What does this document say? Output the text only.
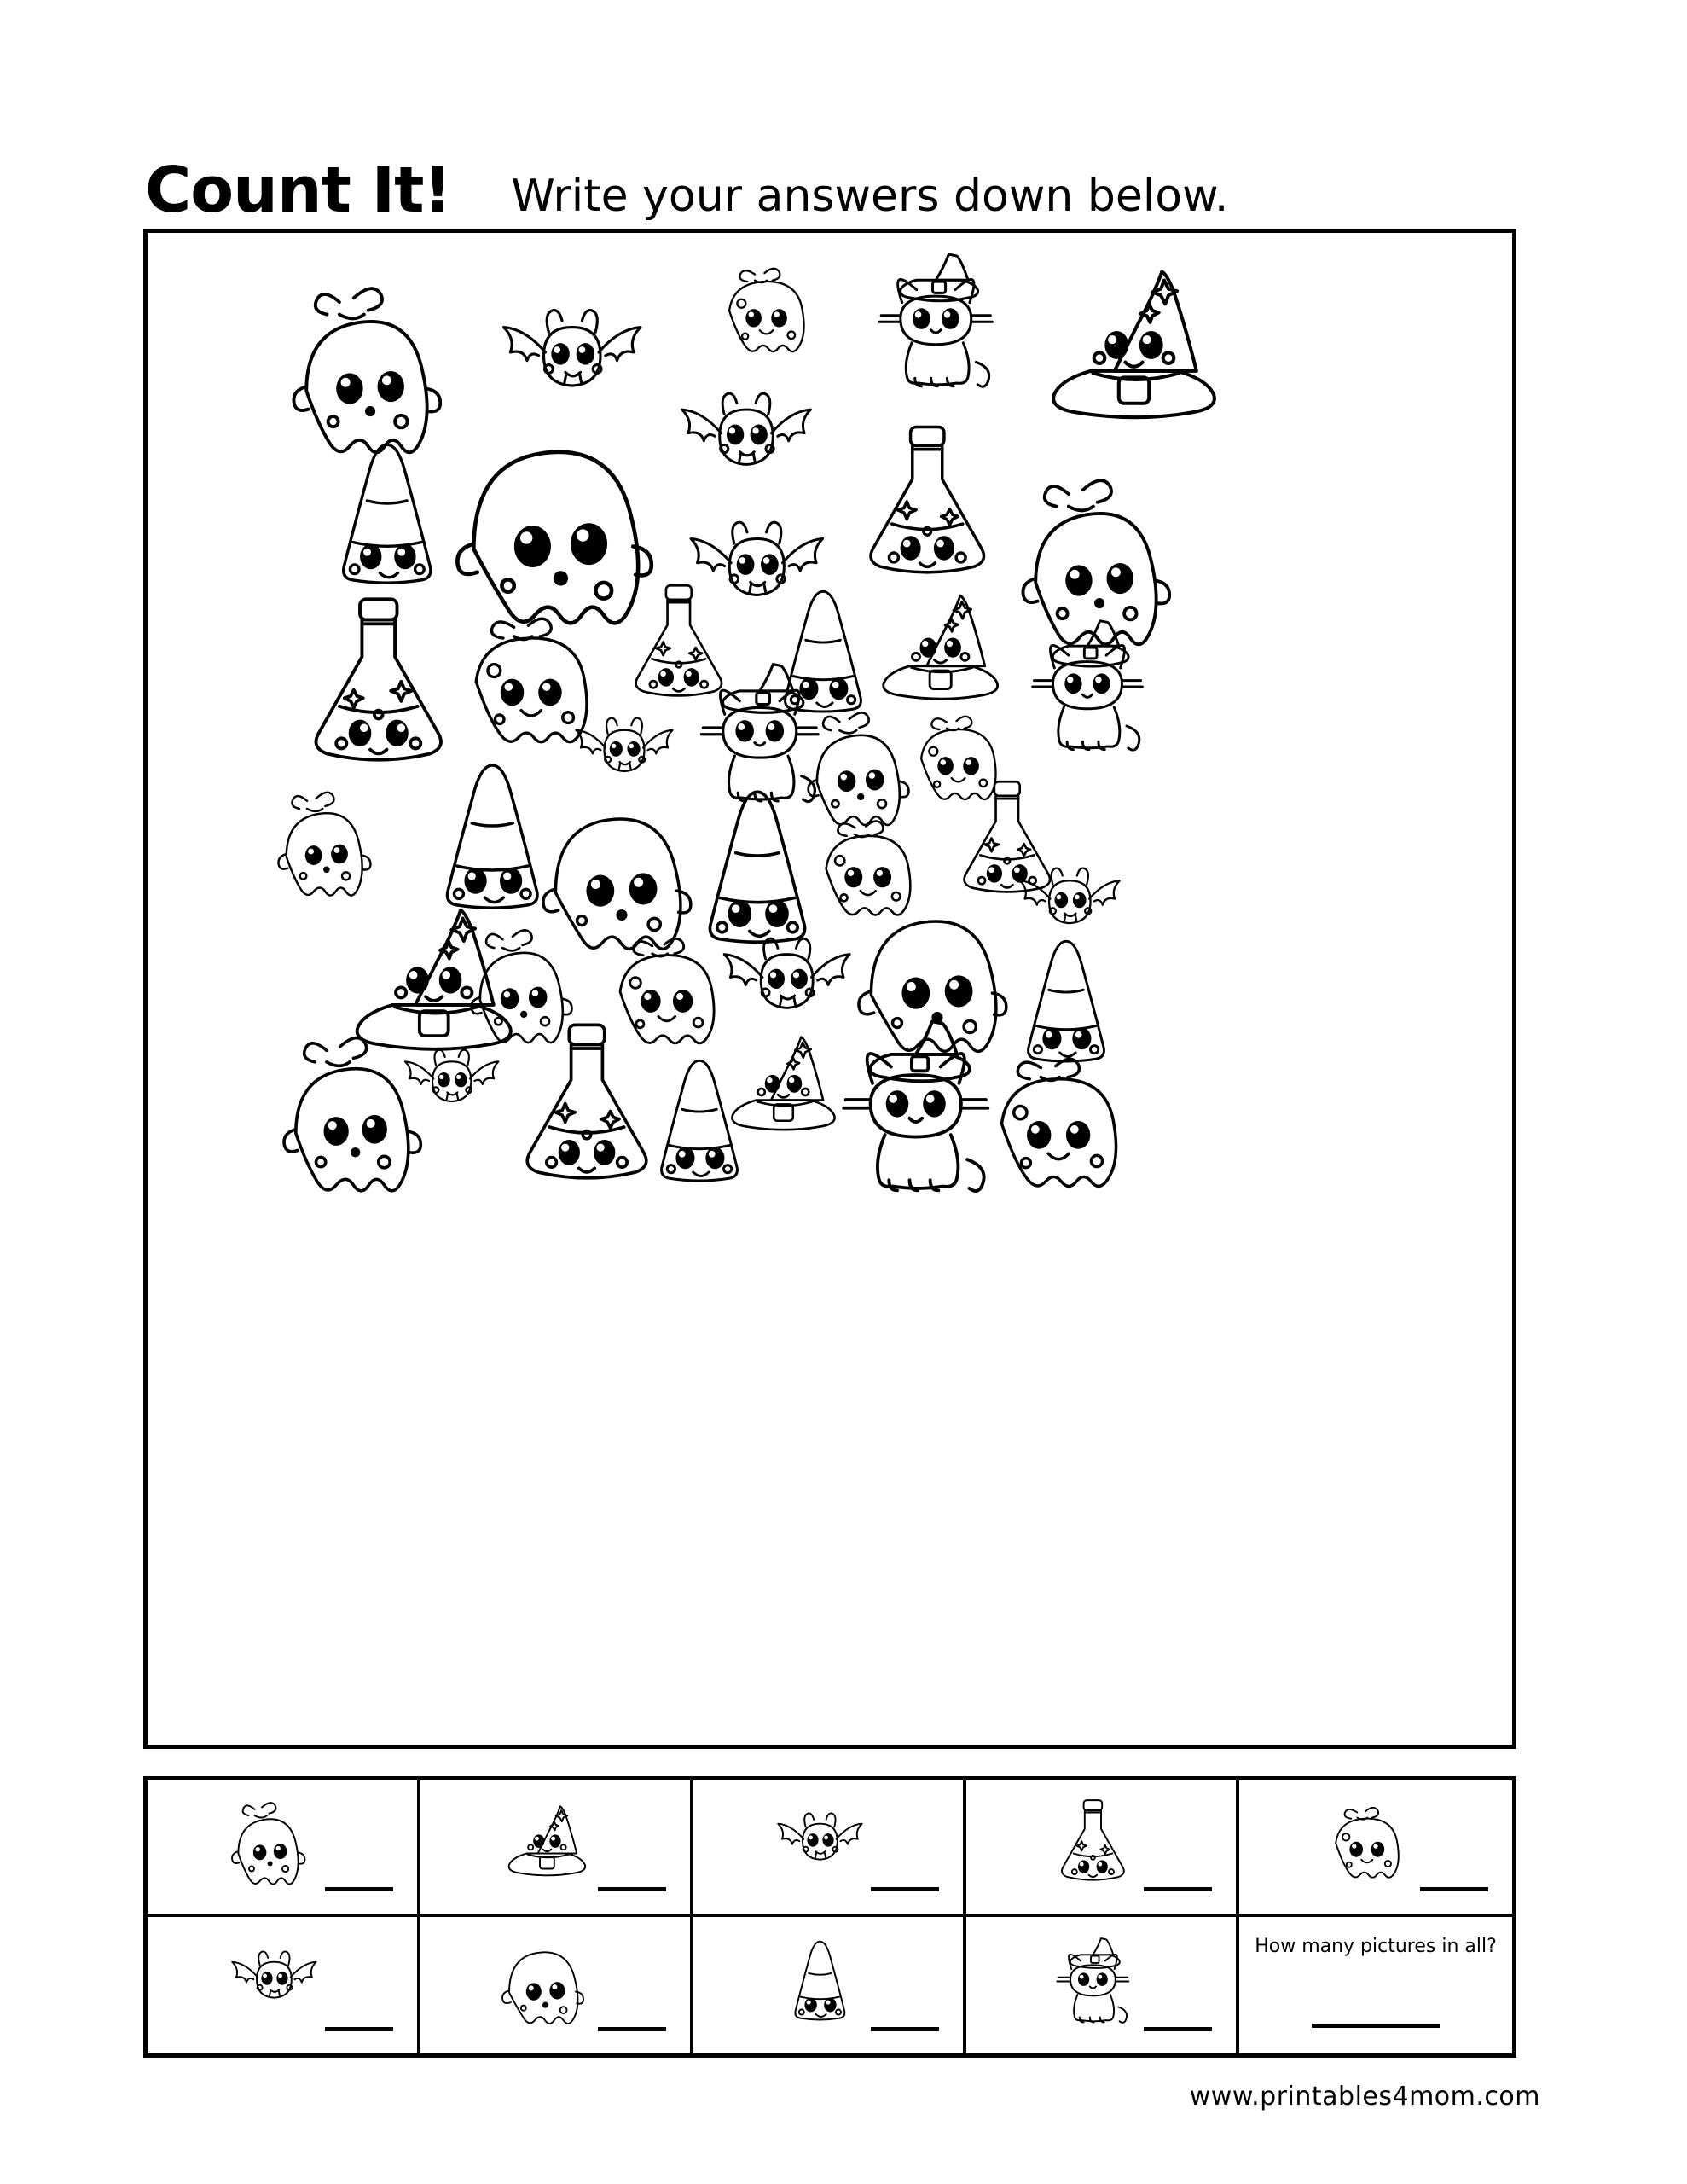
Count It! Write your answers down below.
How many pictures in all?
www.printables4mom.com
